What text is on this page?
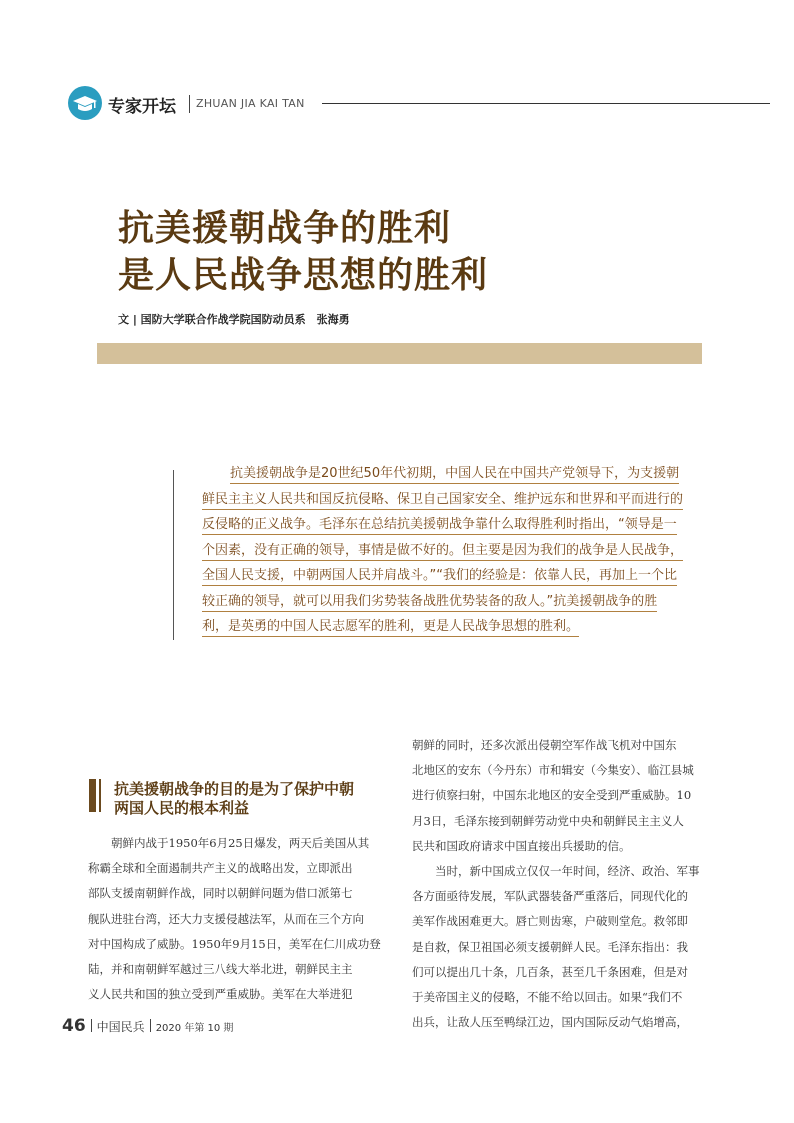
专家开坛 ZHUAN JIA KAI TAN
抗美援朝战争的胜利
是人民战争思想的胜利
文 | 国防大学联合作战学院国防动员系　张海勇
抗美援朝战争是20世纪50年代初期，中国人民在中国共产党领导下，为支援朝
鲜民主主义人民共和国反抗侵略、保卫自己国家安全、维护远东和世界和平而进行的
反侵略的正义战争。毛泽东在总结抗美援朝战争靠什么取得胜利时指出，“领导是一
个因素，没有正确的领导，事情是做不好的。但主要是因为我们的战争是人民战争，
全国人民支援，中朝两国人民并肩战斗。”“我们的经验是：依靠人民，再加上一个比
较正确的领导，就可以用我们劣势装备战胜优势装备的敌人。”抗美援朝战争的胜
利，是英勇的中国人民志愿军的胜利，更是人民战争思想的胜利。
抗美援朝战争的目的是为了保护中朝
两国人民的根本利益
　　朝鲜内战于1950年6月25日爆发，两天后美国从其
称霸全球和全面遏制共产主义的战略出发，立即派出
部队支援南朝鲜作战，同时以朝鲜问题为借口派第七
舰队进驻台湾，还大力支援侵越法军，从而在三个方向
对中国构成了威胁。1950年9月15日，美军在仁川成功登
陆，并和南朝鲜军越过三八线大举北进，朝鲜民主主
义人民共和国的独立受到严重威胁。美军在大举进犯
朝鲜的同时，还多次派出侵朝空军作战飞机对中国东
北地区的安东（今丹东）市和辑安（今集安）、临江县城
进行侦察扫射，中国东北地区的安全受到严重威胁。10
月3日，毛泽东接到朝鲜劳动党中央和朝鲜民主主义人
民共和国政府请求中国直接出兵援助的信。
　　当时，新中国成立仅仅一年时间，经济、政治、军事
各方面亟待发展，军队武器装备严重落后，同现代化的
美军作战困难更大。唇亡则齿寒，户破则堂危。救邻即
是自救，保卫祖国必须支援朝鲜人民。毛泽东指出：我
们可以提出几十条，几百条，甚至几千条困难，但是对
于美帝国主义的侵略，不能不给以回击。如果“我们不
出兵，让敌人压至鸭绿江边，国内国际反动气焰增高，
46 中国民兵 2020 年第 10 期
